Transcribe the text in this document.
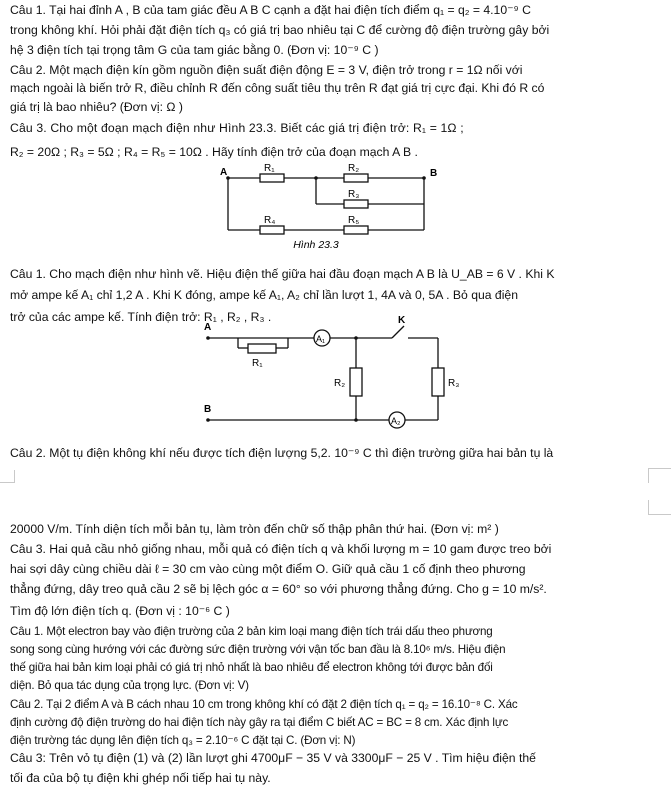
Câu 1. Tại hai đỉnh A , B của tam giác đều A B C cạnh a đặt hai điện tích điểm q₁ = q₂ = 4.10⁻⁹ C
trong không khí. Hỏi phải đặt điện tích q₃ có giá trị bao nhiêu tại C để cường độ điện trường gây bởi
hệ 3 điện tích tại trọng tâm G của tam giác bằng 0. (Đơn vị: 10⁻⁹ C )
Câu 2. Một mạch điện kín gồm nguồn điện suất điện động E = 3 V, điện trở trong r = 1Ω nối với
mạch ngoài là biến trở R, điều chỉnh R đến công suất tiêu thụ trên R đạt giá trị cực đại. Khi đó R có
giá trị là bao nhiêu? (Đơn vị: Ω )
Câu 3. Cho một đoạn mạch điện như Hình 23.3. Biết các giá trị điện trở: R₁ = 1Ω ;
R₂ = 20Ω ; R₃ = 5Ω ; R₄ = R₅ = 10Ω . Hãy tính điện trở của đoạn mạch A B .
A	B
R₁	R₂
R₃
R₄	R₅
Hình 23.3
Câu 1. Cho mạch điện như hình vẽ. Hiệu điện thế giữa hai đầu đoạn mạch A B là U_AB = 6 V . Khi K
mở ampe kế A₁ chỉ 1,2 A . Khi K đóng, ampe kế A₁, A₂ chỉ lần lượt 1, 4A và 0, 5A . Bỏ qua điện
trở của các ampe kế. Tính điện trở: R₁ , R₂ , R₃ .
A
B
K
A₁
A₂
R₁
R₂	R₃
Câu 2. Một tụ điện không khí nếu được tích điện lượng 5,2. 10⁻⁹ C thì điện trường giữa hai bản tụ là
20000 V/m. Tính diện tích mỗi bản tụ, làm tròn đến chữ số thập phân thứ hai. (Đơn vị: m² )
Câu 3. Hai quả cầu nhỏ giống nhau, mỗi quả có điện tích q và khối lượng m = 10 gam được treo bởi
hai sợi dây cùng chiều dài ℓ = 30 cm vào cùng một điểm O. Giữ quả cầu 1 cố định theo phương
thẳng đứng, dây treo quả cầu 2 sẽ bị lệch góc α = 60° so với phương thẳng đứng. Cho g = 10 m/s².
Tìm độ lớn điện tích q. (Đơn vị : 10⁻⁶ C )
Câu 1. Một electron bay vào điện trường của 2 bản kim loại mang điện tích trái dấu theo phương
song song cùng hướng với các đường sức điện trường với vận tốc ban đầu là 8.10⁶ m/s. Hiệu điện
thế giữa hai bản kim loại phải có giá trị nhỏ nhất là bao nhiêu để electron không tới được bản đối
diện. Bỏ qua tác dụng của trọng lực. (Đơn vị: V)
Câu 2. Tại 2 điểm A và B cách nhau 10 cm trong không khí có đặt 2 điện tích q₁ = q₂ = 16.10⁻⁸ C. Xác
định cường độ điện trường do hai điện tích này gây ra tại điểm C biết AC = BC = 8 cm. Xác định lực
điện trường tác dụng lên điện tích q₃ = 2.10⁻⁶ C đặt tại C. (Đơn vị: N)
Câu 3: Trên vỏ tụ điện (1) và (2) lần lượt ghi 4700μF − 35 V và 3300μF − 25 V . Tìm hiệu điện thế
tối đa của bộ tụ điện khi ghép nối tiếp hai tụ này.
